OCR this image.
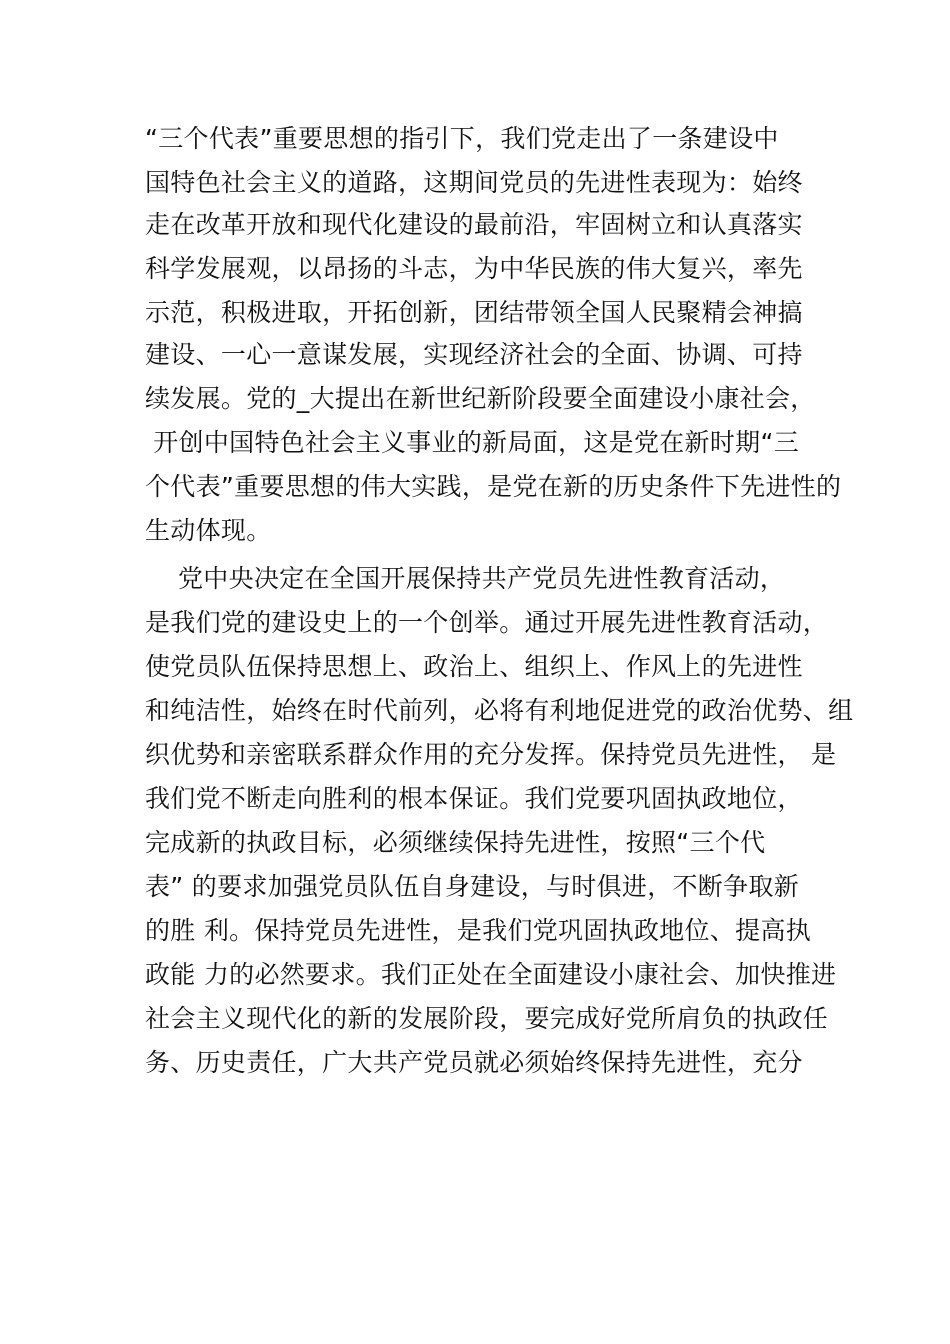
“三个代表”重要思想的指引下，我们党走出了一条建设中
国特色社会主义的道路，这期间党员的先进性表现为：始终
走在改革开放和现代化建设的最前沿，牢固树立和认真落实
科学发展观，以昂扬的斗志，为中华民族的伟大复兴，率先
示范，积极进取，开拓创新，团结带领全国人民聚精会神搞
建设、一心一意谋发展，实现经济社会的全面、协调、可持
续发展。党的_大提出在新世纪新阶段要全面建设小康社会，
开创中国特色社会主义事业的新局面，这是党在新时期“三
个代表”重要思想的伟大实践，是党在新的历史条件下先进性的
生动体现。
党中央决定在全国开展保持共产党员先进性教育活动，
是我们党的建设史上的一个创举。通过开展先进性教育活动，
使党员队伍保持思想上、政治上、组织上、作风上的先进性
和纯洁性，始终在时代前列，必将有利地促进党的政治优势、组
织优势和亲密联系群众作用的充分发挥。保持党员先进性， 是
我们党不断走向胜利的根本保证。我们党要巩固执政地位，
完成新的执政目标，必须继续保持先进性，按照“三个代
表” 的要求加强党员队伍自身建设，与时俱进，不断争取新
的胜 利。保持党员先进性，是我们党巩固执政地位、提高执
政能 力的必然要求。我们正处在全面建设小康社会、加快推进
社会主义现代化的新的发展阶段，要完成好党所肩负的执政任
务、历史责任，广大共产党员就必须始终保持先进性，充分
